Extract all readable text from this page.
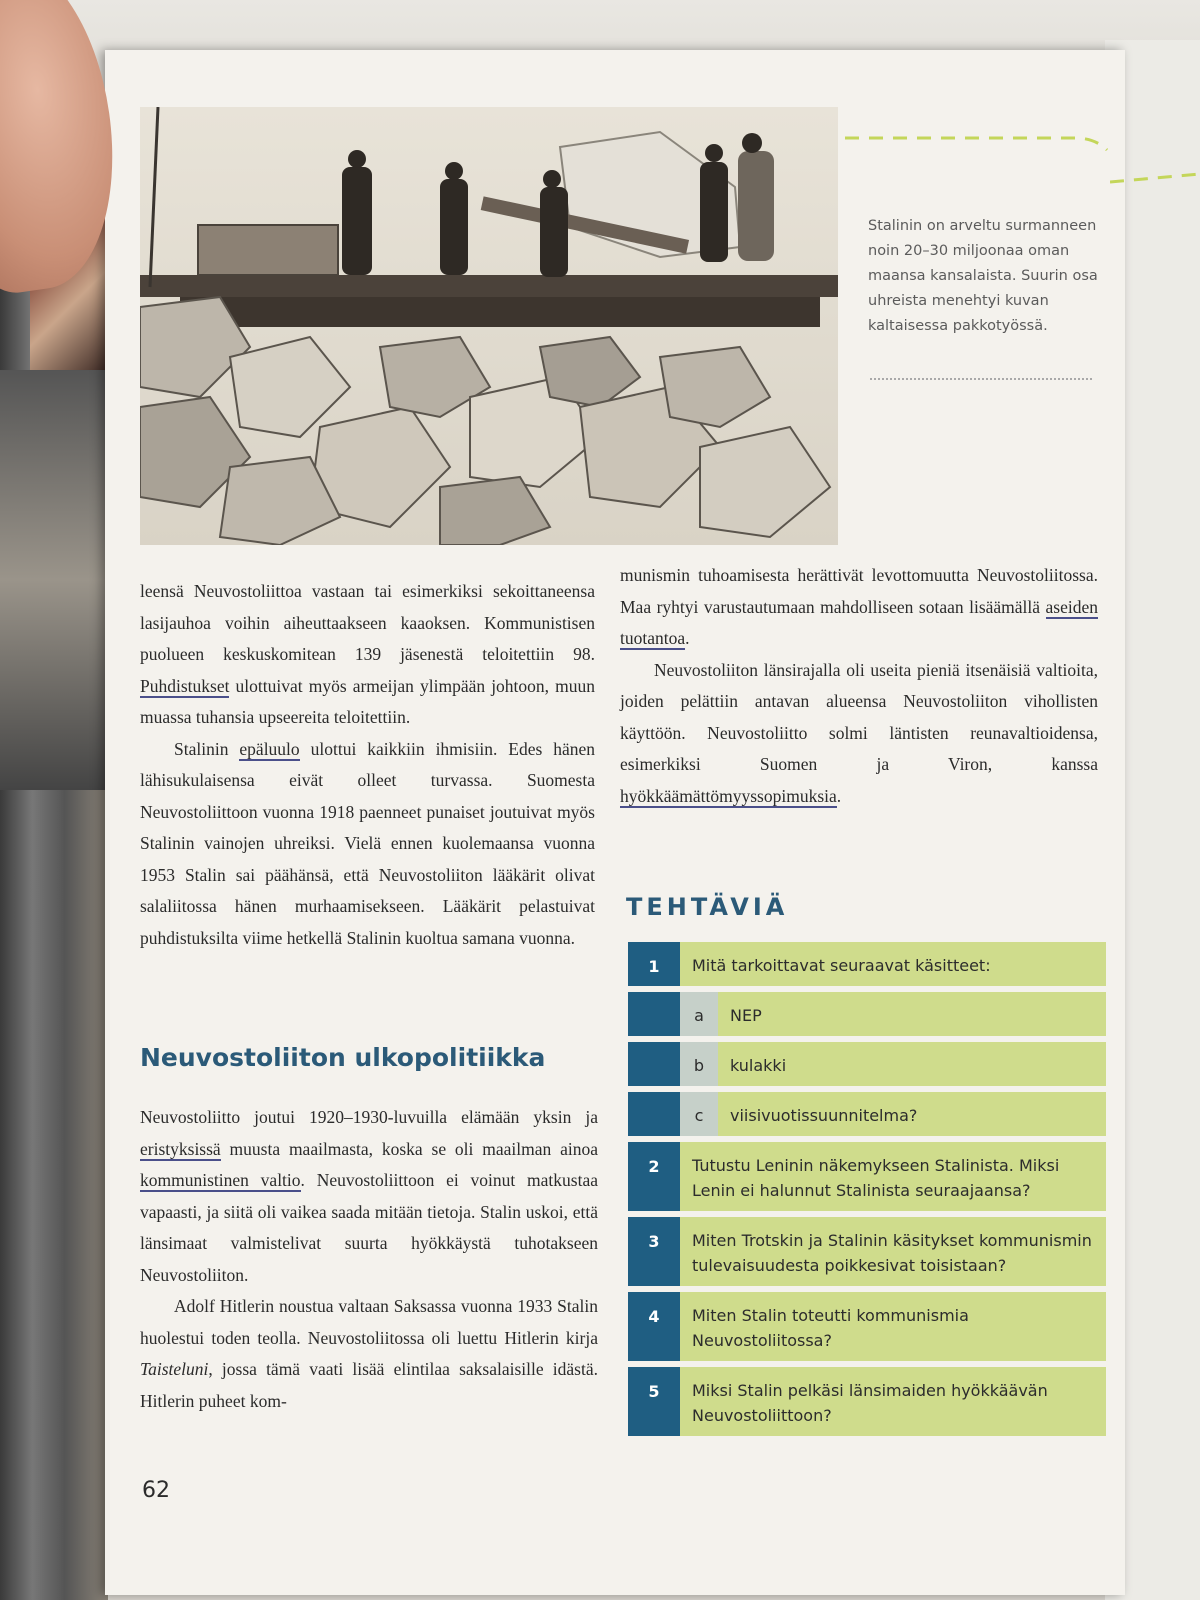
Stalinin on arveltu surmanneen noin 20–30 miljoonaa oman maansa kansalaista. Suurin osa uhreista menehtyi kuvan kaltaisessa pakkotyössä.

leensä Neuvostoliittoa vastaan tai esimerkiksi sekoittaneensa lasijauhoa voihin aiheuttaakseen kaaoksen. Kommunistisen puolueen keskuskomitean 139 jäsenestä teloitettiin 98. Puhdistukset ulottuivat myös armeijan ylimpään johtoon, muun muassa tuhansia upseereita teloitettiin.

Stalinin epäluulo ulottui kaikkiin ihmisiin. Edes hänen lähisukulaisensa eivät olleet turvassa. Suomesta Neuvostoliittoon vuonna 1918 paenneet punaiset joutuivat myös Stalinin vainojen uhreiksi. Vielä ennen kuolemaansa vuonna 1953 Stalin sai päähänsä, että Neuvostoliiton lääkärit olivat salaliitossa hänen murhaamisekseen. Lääkärit pelastuivat puhdistuksilta viime hetkellä Stalinin kuoltua samana vuonna.

Neuvostoliiton ulkopolitiikka

Neuvostoliitto joutui 1920–1930-luvuilla elämään yksin ja eristyksissä muusta maailmasta, koska se oli maailman ainoa kommunistinen valtio. Neuvostoliittoon ei voinut matkustaa vapaasti, ja siitä oli vaikea saada mitään tietoja. Stalin uskoi, että länsimaat valmistelivat suurta hyökkäystä tuhotakseen Neuvostoliiton.

Adolf Hitlerin noustua valtaan Saksassa vuonna 1933 Stalin huolestui toden teolla. Neuvostoliitossa oli luettu Hitlerin kirja Taisteluni, jossa tämä vaati lisää elintilaa saksalaisille idästä. Hitlerin puheet kom-

munismin tuhoamisesta herättivät levottomuutta Neuvostoliitossa. Maa ryhtyi varustautumaan mahdolliseen sotaan lisäämällä aseiden tuotantoa.

Neuvostoliiton länsirajalla oli useita pieniä itsenäisiä valtioita, joiden pelättiin antavan alueensa Neuvostoliiton vihollisten käyttöön. Neuvostoliitto solmi läntisten reunavaltioidensa, esimerkiksi Suomen ja Viron, kanssa hyökkäämättömyyssopimuksia.

TEHTÄVIÄ
1	Mitä tarkoittavat seuraavat käsitteet:
a	NEP
b	kulakki
c	viisivuotissuunnitelma?
2	Tutustu Leninin näkemykseen Stalinista. Miksi Lenin ei halunnut Stalinista seuraajaansa?
3	Miten Trotskin ja Stalinin käsitykset kommunismin tulevaisuudesta poikkesivat toisistaan?
4	Miten Stalin toteutti kommunismia Neuvostoliitossa?
5	Miksi Stalin pelkäsi länsimaiden hyökkäävän Neuvostoliittoon?
62
